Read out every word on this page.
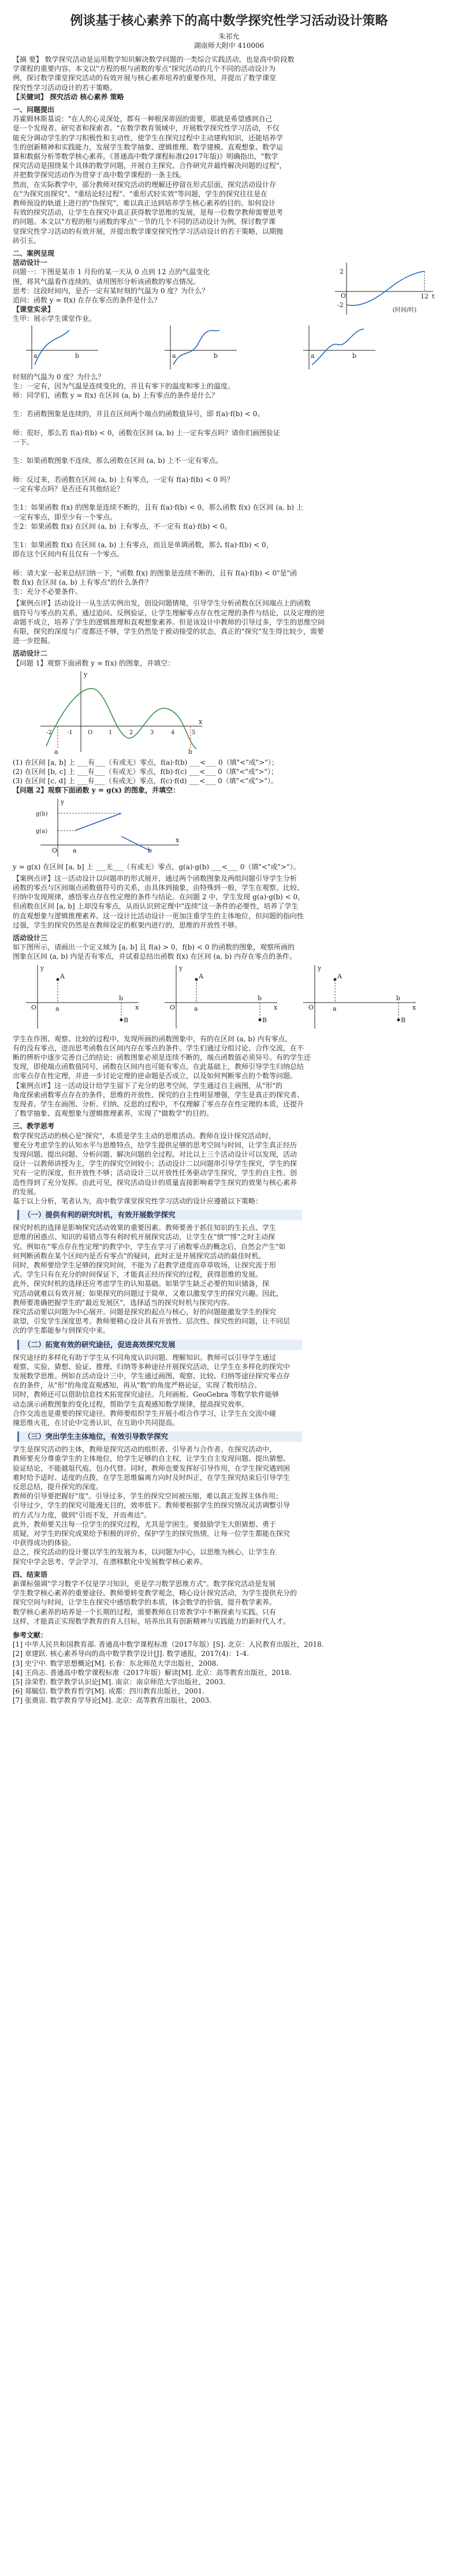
例谈基于核心素养下的高中数学探究性学习活动设计策略
朱祁允
湖南师大附中 410006
【摘 要】 数学探究活动是运用数学知识解决数学问题的一类综合实践活动，也是高中阶段数
学课程的重要内容。本文以"方程的根与函数的零点"探究活动的几个不同的活动设计为
例，探讨数学课堂探究活动的有效开展与核心素养培养的重要作用，并提出了数学课堂
探究性学习活动设计的若干策略。
【关键词】 探究活动 核心素养 策略
一、问题提出
苏霍姆林斯基说："在人的心灵深处，都有一种根深蒂固的需要，那就是希望感到自己
是一个发现者、研究者和探索者。"在数学教育领域中，开展数学探究性学习活动，不仅
能充分调动学生的学习积极性和主动性，使学生在探究过程中主动建构知识，还能培养学
生的创新精神和实践能力，发展学生数学抽象、逻辑推理、数学建模、直观想象、数学运
算和数据分析等数学核心素养。《普通高中数学课程标准(2017年版)》明确指出，"数学
探究活动是围绕某个具体的数学问题，开展自主探究、合作研究并最终解决问题的过程"，
并把数学探究活动作为贯穿于高中数学课程的一条主线。
然而，在实际教学中，部分教师对探究活动的理解还停留在形式层面，探究活动设计存
在"为探究而探究"、"重结论轻过程"、"重形式轻实效"等问题，学生的探究往往是在
教师预设的轨道上进行的"伪探究"，难以真正达到培养学生核心素养的目的。如何设计
有效的探究活动，让学生在探究中真正获得数学思维的发展，是每一位数学教师需要思考
的问题。本文以"方程的根与函数的零点"一节的几个不同的活动设计为例，探讨数学课
堂探究性学习活动的有效开展，并提出数学课堂探究性学习活动设计的若干策略，以期抛
砖引玉。
二、案例呈现
活动设计一
问题一：下图是某市 1 月份的某一天从 0 点到 12 点的气温变化
图，将其气温看作连续的，请用图形分析该函数的零点情况。
思考：这段时间内，是否一定有某时刻的气温为 0 度？为什么？
追问：函数 y = f(x) 在存在零点的条件是什么？
【课堂实录】
生甲：展示学生课堂作业。
O	t
12
2
-2
(时间/时)
a	b	a	b	a	b
时刻的气温为 0 度？为什么？
生：一定有，因为气温是连续变化的，并且有零下的温度和零上的温度。
师：同学们，函数 y = f(x) 在区间 (a, b) 上有零点的条件是什么？
生：若函数图象是连续的，并且在区间两个端点的函数值异号，即 f(a)·f(b) < 0。
师：很好，那么若 f(a)·f(b) < 0，函数在区间 (a, b) 上一定有零点吗？请你们画图验证
一下。
生：如果函数图象不连续，那么函数在区间 (a, b) 上不一定有零点。
师：反过来，若函数在区间 (a, b) 上有零点，一定有 f(a)·f(b) < 0 吗？
一定有零点吗？是否还有其他结论？
生1：如果函数 f(x) 的图象是连续不断的，且有 f(a)·f(b) < 0，那么函数 f(x) 在区间 (a, b) 上
一定有零点，即至少有一个零点。
生2：如果函数 f(x) 在区间 (a, b) 上有零点，不一定有 f(a)·f(b) < 0。
生1：如果函数 f(x) 在区间 (a, b) 上有零点，而且是单调函数，那么 f(a)·f(b) < 0，
即在这个区间内有且仅有一个零点。
师：请大家一起来总结归纳一下，"函数 f(x) 的图象是连续不断的，且有 f(a)·f(b) < 0"是"函
数 f(x) 在区间 (a, b) 上有零点"的什么条件？
生：充分不必要条件。
【案例点评】活动设计一从生活实例出发，创设问题情境，引导学生分析函数在区间端点上的函数
值符号与零点的关系，通过追问、反例验证，让学生理解零点存在性定理的条件与结论，以及定理的逆
命题不成立，培养了学生的逻辑推理和直观想象素养。但是该设计中教师的引导过多，学生的思维空间
有限，探究的深度与广度都还不够，学生仍然处于被动接受的状态，真正的"探究"发生得比较少，需要
进一步挖掘。
活动设计二
【问题 1】观察下面函数 y = f(x) 的图象，并填空：
-2	-1	O	1	2	3	4	5
x
y
a	b
(1) 在区间 [a, b] 上 ___有___（有或无）零点，f(a)·f(b) ___<___ 0（填"<"或">"）；
(2) 在区间 [b, c] 上 ___有___（有或无）零点，f(b)·f(c) ___<___ 0（填"<"或">"）；
(3) 在区间 [c, d] 上 ___有___（有或无）零点，f(c)·f(d) ___<___ 0（填"<"或">"）。
【问题 2】观察下面函数 y = g(x) 的图象，并填空：
g(b)
g(a)
a	b
O
x
y
y = g(x) 在区间 [a, b] 上 ___无___（有或无）零点，g(a)·g(b) ___<___ 0（填"<"或">"）。
【案例点评】这一活动设计以问题串的形式展开，通过两个函数图象及两组问题引导学生分析
函数的零点与区间端点函数值符号的关系，由具体到抽象，由特殊到一般，学生在观察、比较、
归纳中发现规律，感悟零点存在性定理的条件与结论。在问题 2 中，学生发现 g(a)·g(b) < 0，
但函数在区间 [a, b] 上却没有零点，从而认识到定理中"连续"这一条件的必要性，培养了学生
的直观想象与逻辑推理素养。这一设计比活动设计一更加注重学生的主体地位，但问题的指向性
过强，学生的探究仍然是在教师设定的框架内进行的，思维的开放性不够。
活动设计三
如下图所示，请画出一个定义域为 [a, b] 且 f(a) > 0，f(b) < 0 的函数的图象，观察所画的
图象在区间 (a, b) 内是否有零点，并试着总结出函数 f(x) 在区间 (a, b) 内存在零点的条件。
A
B
a
b
O	x
y
A
B
a
b
O	x
y
A
B
a
b
O	x
y
学生在作图、观察、比较的过程中，发现所画的函数图象中，有的在区间 (a, b) 内有零点，
有的没有零点，进而思考函数在区间内存在零点的条件。学生们通过分组讨论、合作交流，在不
断的辨析中逐步完善自己的结论：函数图象必须是连续不断的，端点函数值必须异号。有的学生还
发现，即使端点函数值同号，函数在区间内也可能有零点。在此基础上，教师引导学生归纳总结
出零点存在性定理，并进一步讨论定理的逆命题是否成立，以及如何判断零点的个数等问题。
【案例点评】这一活动设计给学生留下了充分的思考空间，学生通过自主画图，从"形"的
角度探索函数零点存在的条件，思维的开放性、探究的自主性明显增强，学生是真正的探究者、
发现者。学生在画图、分析、归纳、反思的过程中，不仅理解了零点存在性定理的本质，还提升
了数学抽象、直观想象与逻辑推理素养，实现了"做数学"的目的。
三、教学思考
数学探究活动的核心是"探究"，本质是学生主动的思维活动。教师在设计探究活动时，
要充分考虑学生的认知水平与思维特点，给学生提供足够的思考空间与时间，让学生真正经历
发现问题、提出问题、分析问题、解决问题的全过程。对比以上三个活动设计可以发现，活动
设计一以教师讲授为主，学生的探究空间较小；活动设计二以问题串引导学生探究，学生的探
究有一定的深度，但开放性不够；活动设计三以开放性任务驱动学生探究，学生的自主性、创
造性得到了充分发挥。由此可见，探究活动设计的质量直接影响着学生探究的效果与核心素养
的发展。
基于以上分析，笔者认为，高中数学课堂探究性学习活动的设计应遵循以下策略：
（一）提供有利的研究时机，有效开展数学探究
探究时机的选择是影响探究活动效果的重要因素。教师要善于抓住知识的生长点、学生
思维的困惑点、知识的易错点等有利时机开展探究活动，让学生在"愤""悱"之时主动探
究。例如在"零点存在性定理"的教学中，学生在学习了函数零点的概念后，自然会产生"如
何判断函数在某个区间内是否有零点"的疑问，此时正是开展探究活动的最佳时机。
同时，教师要给学生足够的探究时间，不能为了赶教学进度而草草收场，让探究流于形
式。学生只有在充分的时间保证下，才能真正经历探究的过程，获得思维的发展。
此外，探究时机的选择还应考虑学生的认知基础。如果学生缺乏必要的知识储备，探
究活动就难以有效开展；如果探究的问题过于简单，又难以激发学生的探究兴趣。因此，
教师要准确把握学生的"最近发展区"，选择适当的探究时机与探究内容。
探究活动要以问题为中心展开。问题是探究的起点与核心，好的问题能激发学生的探究
欲望，引发学生深度思考。教师要精心设计具有开放性、层次性、探究性的问题，让不同层
次的学生都能参与到探究中来。
（二）拓宽有效的研究途径，促进高效探究发展
探究途径的多样化有助于学生从不同角度认识问题、理解知识。教师可以引导学生通过
观察、实验、猜想、验证、推理、归纳等多种途径开展探究活动，让学生在多样化的探究中
发展数学思维。例如在活动设计三中，学生通过画图、观察、比较、归纳等途径探究零点存
在的条件，从"形"的角度直观感知，再从"数"的角度严格论证，实现了数形结合。
同时，教师还可以借助信息技术拓宽探究途径。几何画板、GeoGebra 等数学软件能够
动态演示函数图象的变化过程，帮助学生直观感知数学规律，提高探究效率。
合作交流也是重要的探究途径。教师要组织学生开展小组合作学习，让学生在交流中碰
撞思维火花，在讨论中完善认识，在互助中共同提高。
（三）突出学生主体地位，有效引导数学探究
学生是探究活动的主体，教师是探究活动的组织者、引导者与合作者。在探究活动中，
教师要充分尊重学生的主体地位，给学生足够的自主权，让学生自主发现问题、提出猜想、
验证结论，不能越俎代庖、包办代替。同时，教师也要发挥好引导作用，在学生探究遇到困
难时给予适时、适度的点拨，在学生思维偏离方向时及时纠正，在学生探究结束后引导学生
反思总结，提升探究的深度。
教师的引导要把握好"度"。引导过多，学生的探究空间被压缩，难以真正发挥主体作用；
引导过少，学生的探究可能漫无目的，效率低下。教师要根据学生的探究情况灵活调整引导
的方式与力度，做到"引而不发，开而弗达"。
此外，教师要关注每一位学生的探究过程，尤其是学困生。要鼓励学生大胆猜想、勇于
质疑，对学生的探究成果给予积极的评价，保护学生的探究热情，让每一位学生都能在探究
中获得成功的体验。
总之，探究活动的设计要以学生的发展为本，以问题为中心，以思维为核心，让学生在
探究中学会思考、学会学习，在潜移默化中发展数学核心素养。
四、结束语
新课标强调"学习数学不仅是学习知识，更是学习数学思维方式"。数学探究活动是发展
学生数学核心素养的重要途径。教师要转变教学观念，精心设计探究活动，为学生提供充分的
探究空间与时间，让学生在探究中感悟数学的本质，体会数学的价值，提升数学素养。
数学核心素养的培养是一个长期的过程，需要教师在日常教学中不断探索与实践。只有
这样，才能真正实现数学教育的育人目标，培养出具有创新精神与实践能力的新时代人才。
参考文献：
[1] 中华人民共和国教育部. 普通高中数学课程标准（2017年版）[S]. 北京：人民教育出版社，2018.
[2] 章建跃. 核心素养导向的高中数学教学设计[J]. 数学通报，2017(4)：1-4.
[3] 史宁中. 数学思想概论[M]. 长春：东北师范大学出版社，2008.
[4] 王尚志. 普通高中数学课程标准（2017年版）解读[M]. 北京：高等教育出版社，2018.
[5] 涂荣豹. 数学教学认识论[M]. 南京：南京师范大学出版社，2003.
[6] 郑毓信. 数学教育哲学[M]. 成都：四川教育出版社，2001.
[7] 张奠宙. 数学教育学导论[M]. 北京：高等教育出版社，2003.
